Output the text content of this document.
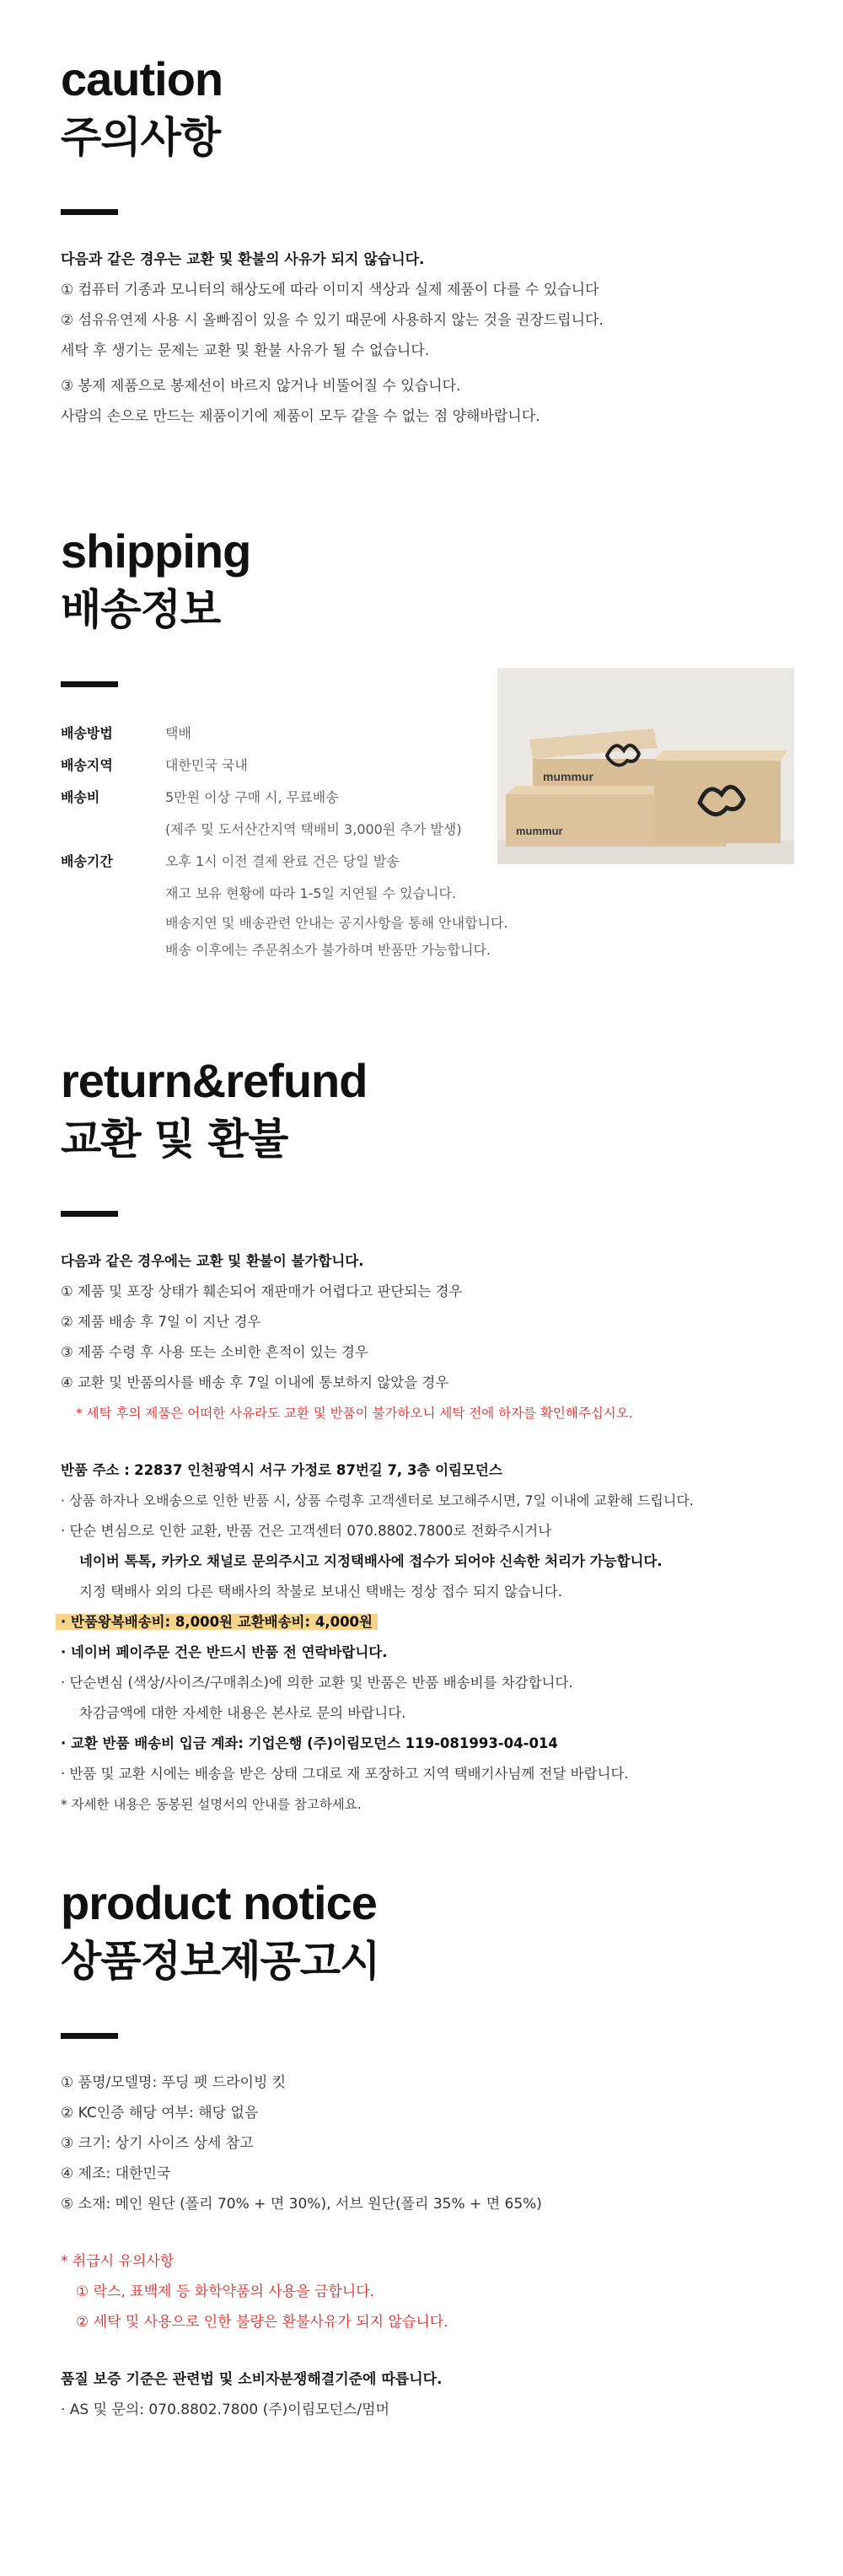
caution
주의사항
다음과 같은 경우는 교환 및 환불의 사유가 되지 않습니다.
① 컴퓨터 기종과 모니터의 해상도에 따라 이미지 색상과 실제 제품이 다를 수 있습니다
② 섬유유연제 사용 시 올빠짐이 있을 수 있기 때문에 사용하지 않는 것을 권장드립니다.
세탁 후 생기는 문제는 교환 및 환불 사유가 될 수 없습니다.
③ 봉제 제품으로 봉제선이 바르지 않거나 비뚤어질 수 있습니다.
사람의 손으로 만드는 제품이기에 제품이 모두 같을 수 없는 점 양해바랍니다.
shipping
배송정보
배송방법	택배
배송지역	대한민국 국내
배송비	5만원 이상 구매 시, 무료배송
(제주 및 도서산간지역 택배비 3,000원 추가 발생)
배송기간	오후 1시 이전 결제 완료 건은 당일 발송
재고 보유 현황에 따라 1-5일 지연될 수 있습니다.
배송지연 및 배송관련 안내는 공지사항을 통해 안내합니다.
배송 이후에는 주문취소가 불가하며 반품만 가능합니다.
mummur
mummur
return&refund
교환 및 환불
다음과 같은 경우에는 교환 및 환불이 불가합니다.
① 제품 및 포장 상태가 훼손되어 재판매가 어렵다고 판단되는 경우
② 제품 배송 후 7일 이 지난 경우
③ 제품 수령 후 사용 또는 소비한 흔적이 있는 경우
④ 교환 및 반품의사를 배송 후 7일 이내에 통보하지 않았을 경우
* 세탁 후의 제품은 어떠한 사유라도 교환 및 반품이 불가하오니 세탁 전에 하자를 확인해주십시오.
반품 주소 : 22837 인천광역시 서구 가정로 87번길 7, 3층 이림모던스
· 상품 하자나 오배송으로 인한 반품 시, 상품 수령후 고객센터로 보고해주시면, 7일 이내에 교환해 드립니다.
· 단순 변심으로 인한 교환, 반품 건은 고객센터 070.8802.7800로 전화주시거나
네이버 톡톡, 카카오 채널로 문의주시고 지정택배사에 접수가 되어야 신속한 처리가 가능합니다.
지정 택배사 외의 다른 택배사의 착불로 보내신 택배는 정상 접수 되지 않습니다.
· 반품왕복배송비: 8,000원 교환배송비: 4,000원
· 네이버 페이주문 건은 반드시 반품 전 연락바랍니다.
· 단순변심 (색상/사이즈/구매취소)에 의한 교환 및 반품은 반품 배송비를 차감합니다.
차감금액에 대한 자세한 내용은 본사로 문의 바랍니다.
· 교환 반품 배송비 입금 계좌: 기업은행 (주)이림모던스 119-081993-04-014
· 반품 및 교환 시에는 배송을 받은 상태 그대로 재 포장하고 지역 택배기사님께 전달 바랍니다.
* 자세한 내용은 동봉된 설명서의 안내를 참고하세요.
product notice
상품정보제공고시
① 품명/모델명: 푸딩 펫 드라이빙 킷
② KC인증 해당 여부: 해당 없음
③ 크기: 상기 사이즈 상세 참고
④ 제조: 대한민국
⑤ 소재: 메인 원단 (폴리 70% + 면 30%), 서브 원단(폴리 35% + 면 65%)
* 취급시 유의사항
① 락스, 표백제 등 화학약품의 사용을 금합니다.
② 세탁 및 사용으로 인한 불량은 환불사유가 되지 않습니다.
품질 보증 기준은 관련법 및 소비자분쟁해결기준에 따릅니다.
· AS 및 문의: 070.8802.7800 (주)이림모던스/멈머
